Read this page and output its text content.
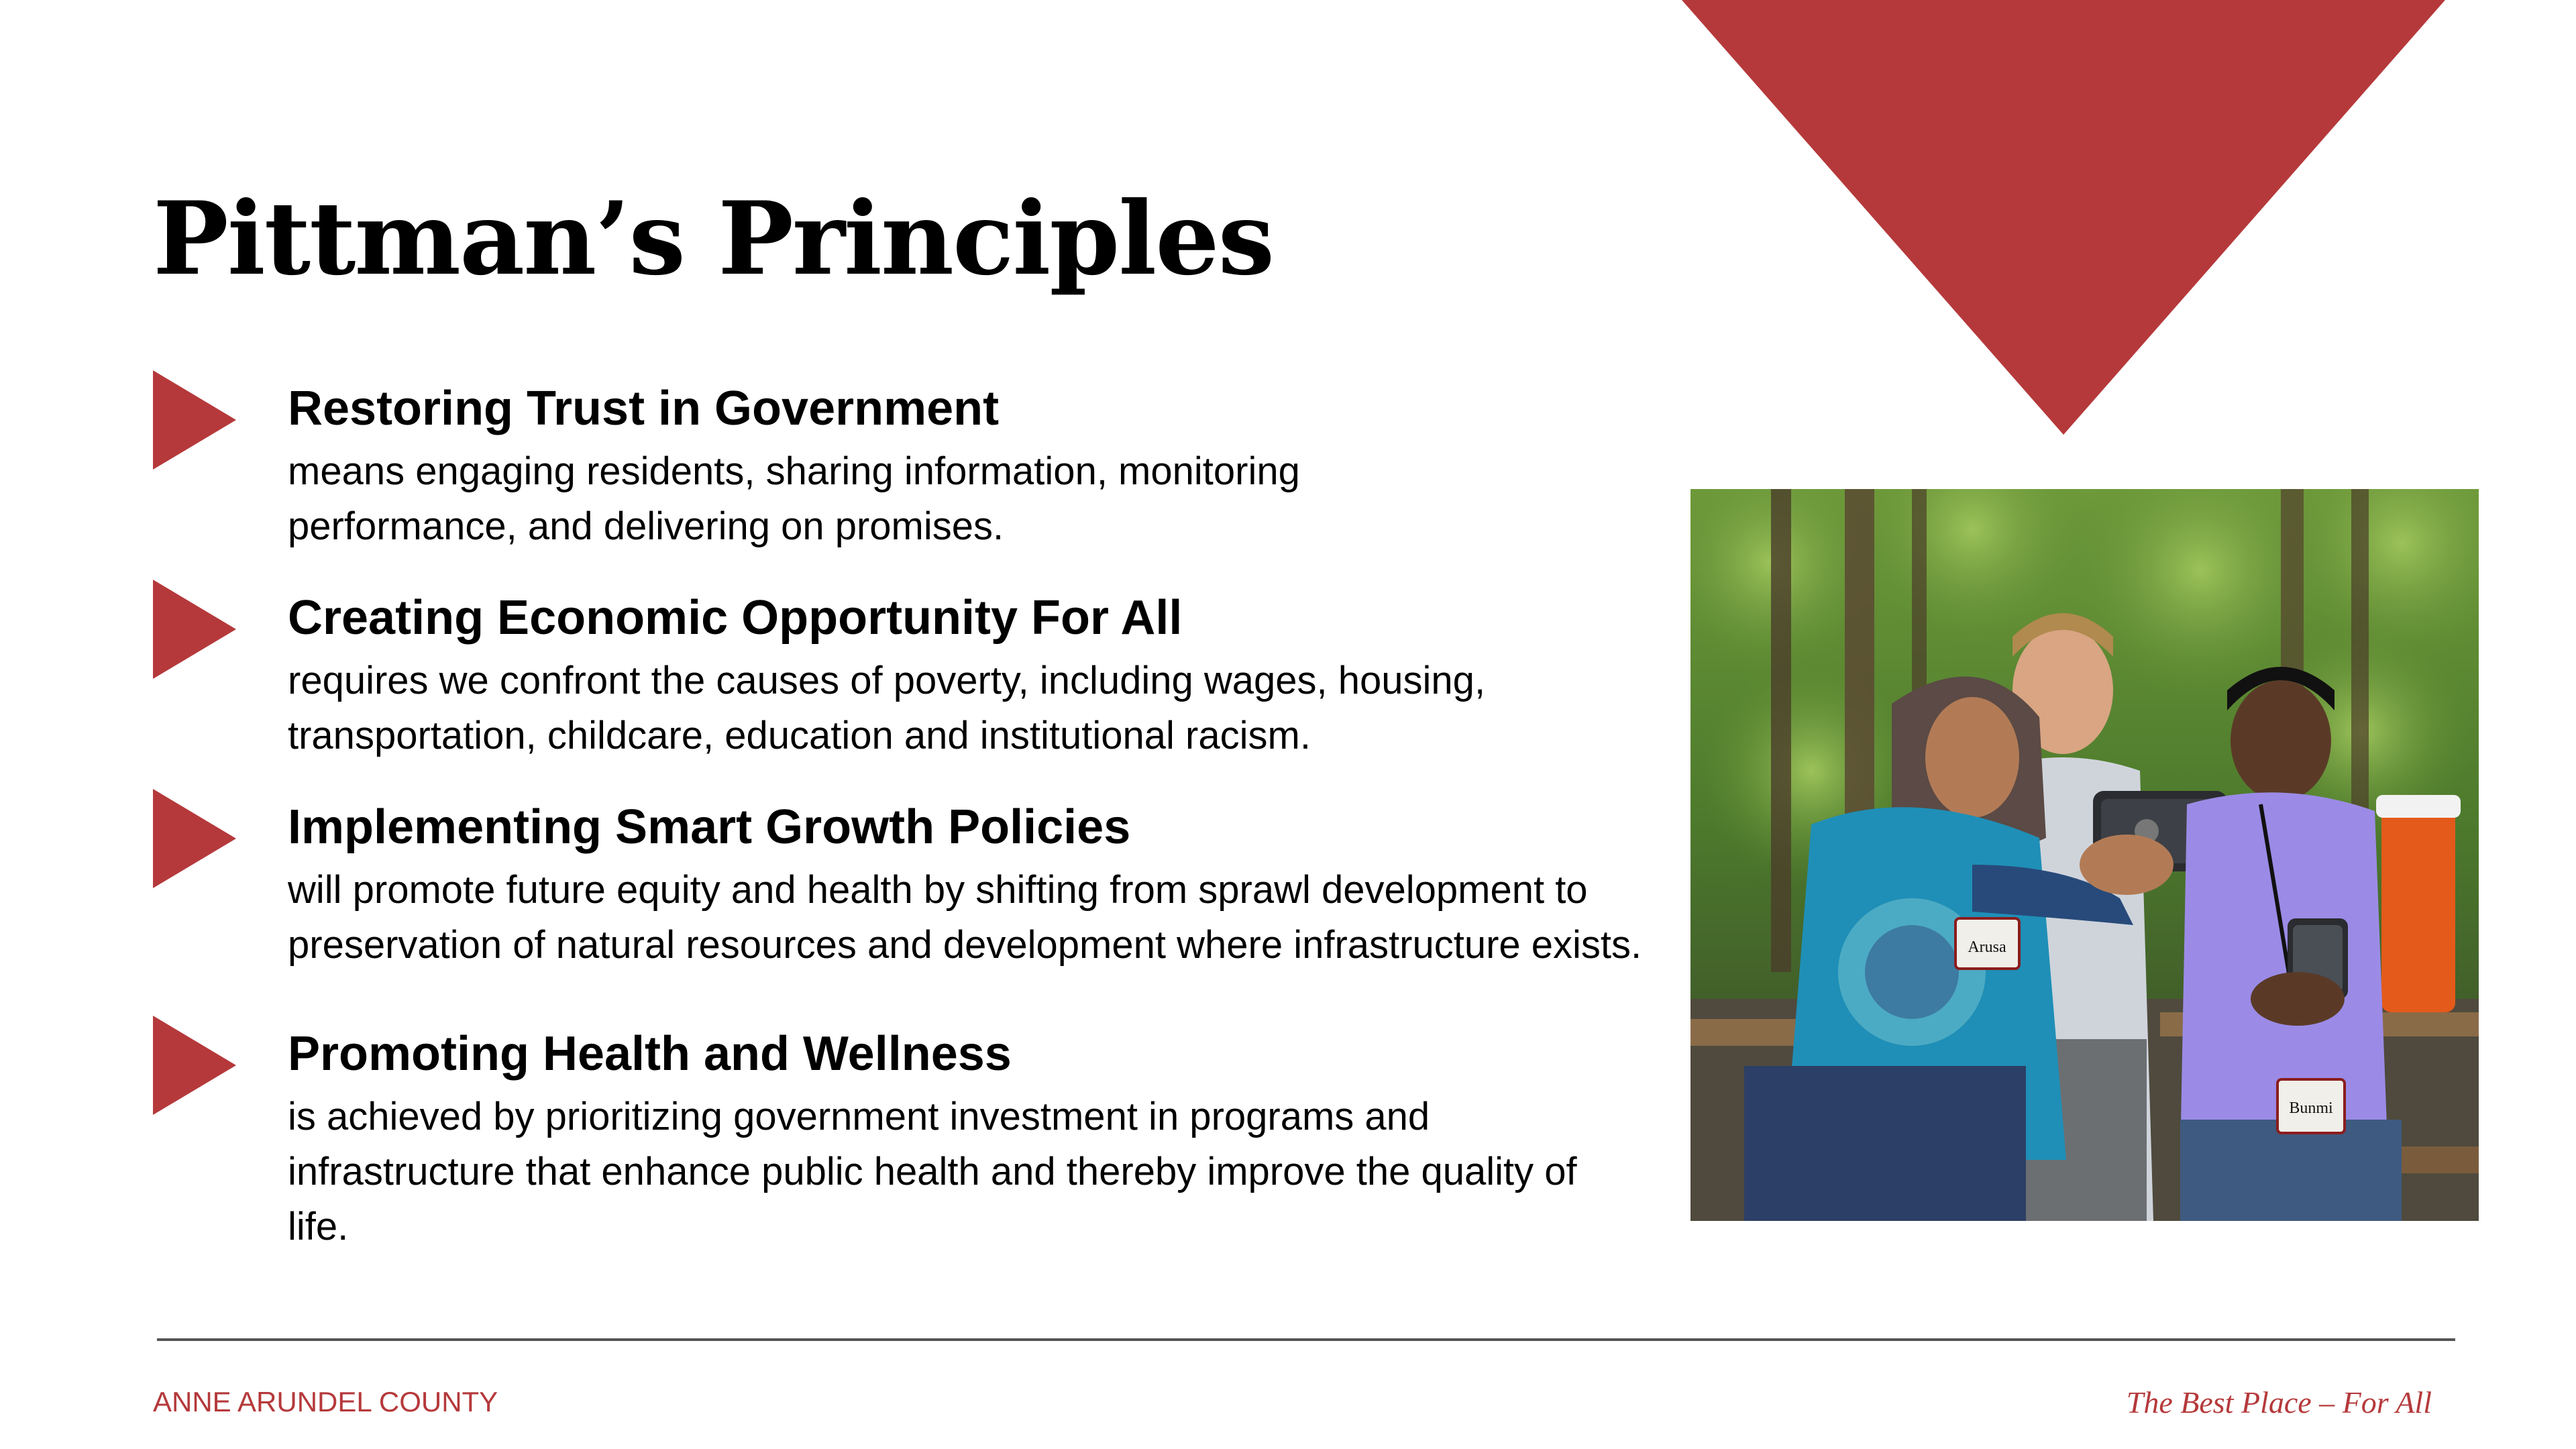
Pittman’s Principles
Restoring Trust in Government

means engaging residents, sharing information, monitoring
performance, and delivering on promises.

Creating Economic Opportunity For All

requires we confront the causes of poverty, including wages, housing,
transportation, childcare, education and institutional racism.

Implementing Smart Growth Policies

will promote future equity and health by shifting from sprawl development to
preservation of natural resources and development where infrastructure exists.

Promoting Health and Wellness

is achieved by prioritizing government investment in programs and
infrastructure that enhance public health and thereby improve the quality of
life.

Arusa
Bunmi
ANNE ARUNDEL COUNTY	The Best Place – For All
